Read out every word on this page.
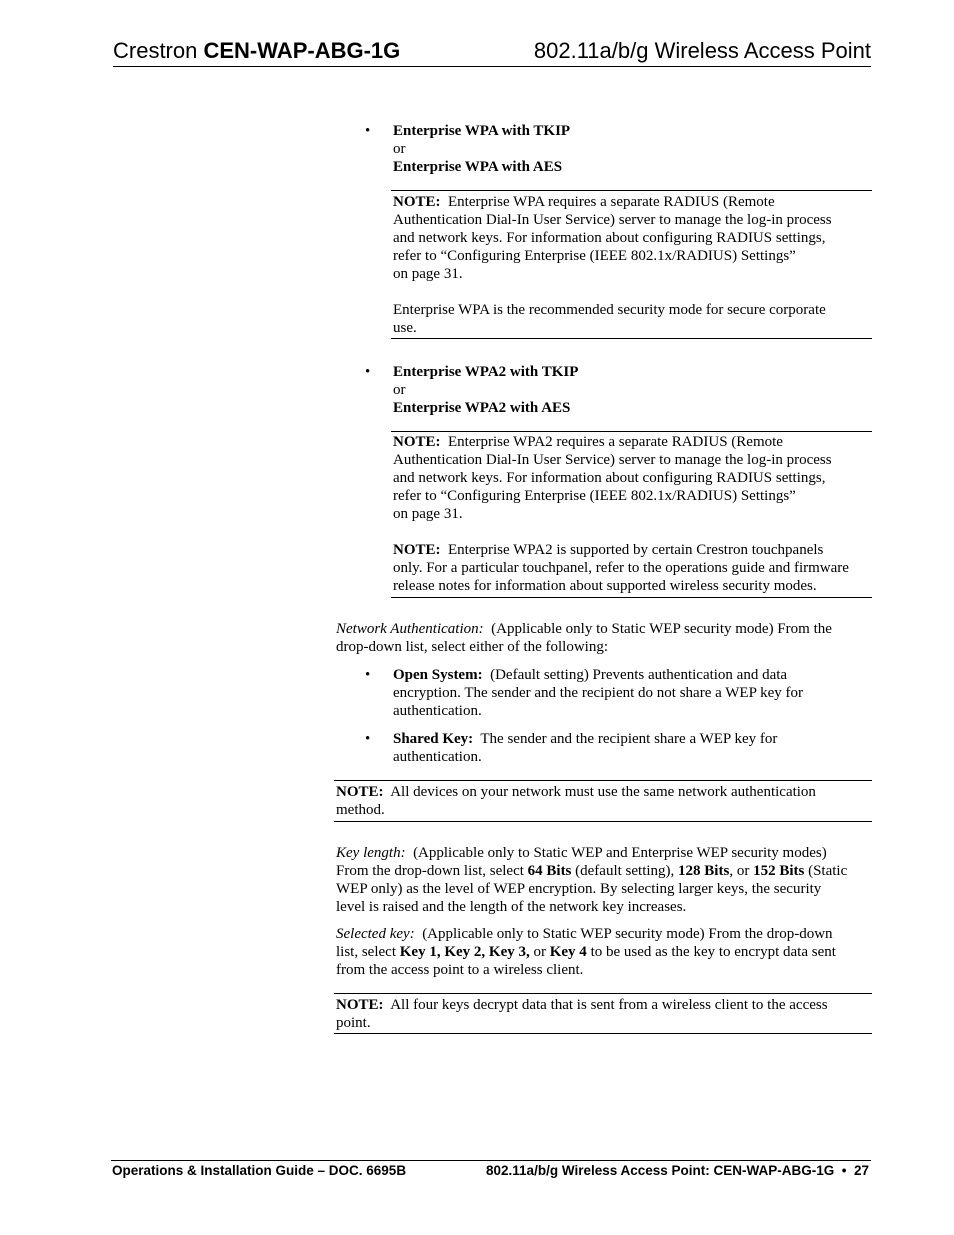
Crestron CEN-WAP-ABG-1G	802.11a/b/g Wireless Access Point
• Enterprise WPA with TKIP
or
Enterprise WPA with AES
NOTE: Enterprise WPA requires a separate RADIUS (Remote
Authentication Dial-In User Service) server to manage the log-in process
and network keys. For information about configuring RADIUS settings,
refer to “Configuring Enterprise (IEEE 802.1x/RADIUS) Settings”
on page 31.
Enterprise WPA is the recommended security mode for secure corporate
use.
• Enterprise WPA2 with TKIP
or
Enterprise WPA2 with AES
NOTE: Enterprise WPA2 requires a separate RADIUS (Remote
Authentication Dial-In User Service) server to manage the log-in process
and network keys. For information about configuring RADIUS settings,
refer to “Configuring Enterprise (IEEE 802.1x/RADIUS) Settings”
on page 31.
NOTE: Enterprise WPA2 is supported by certain Crestron touchpanels
only. For a particular touchpanel, refer to the operations guide and firmware
release notes for information about supported wireless security modes.
Network Authentication: (Applicable only to Static WEP security mode) From the
drop-down list, select either of the following:
• Open System: (Default setting) Prevents authentication and data
encryption. The sender and the recipient do not share a WEP key for
authentication.
• Shared Key: The sender and the recipient share a WEP key for
authentication.
NOTE: All devices on your network must use the same network authentication
method.
Key length: (Applicable only to Static WEP and Enterprise WEP security modes)
From the drop-down list, select 64 Bits (default setting), 128 Bits, or 152 Bits (Static
WEP only) as the level of WEP encryption. By selecting larger keys, the security
level is raised and the length of the network key increases.
Selected key: (Applicable only to Static WEP security mode) From the drop-down
list, select Key 1, Key 2, Key 3, or Key 4 to be used as the key to encrypt data sent
from the access point to a wireless client.
NOTE: All four keys decrypt data that is sent from a wireless client to the access
point.
Operations & Installation Guide – DOC. 6695B	802.11a/b/g Wireless Access Point: CEN-WAP-ABG-1G  •  27
